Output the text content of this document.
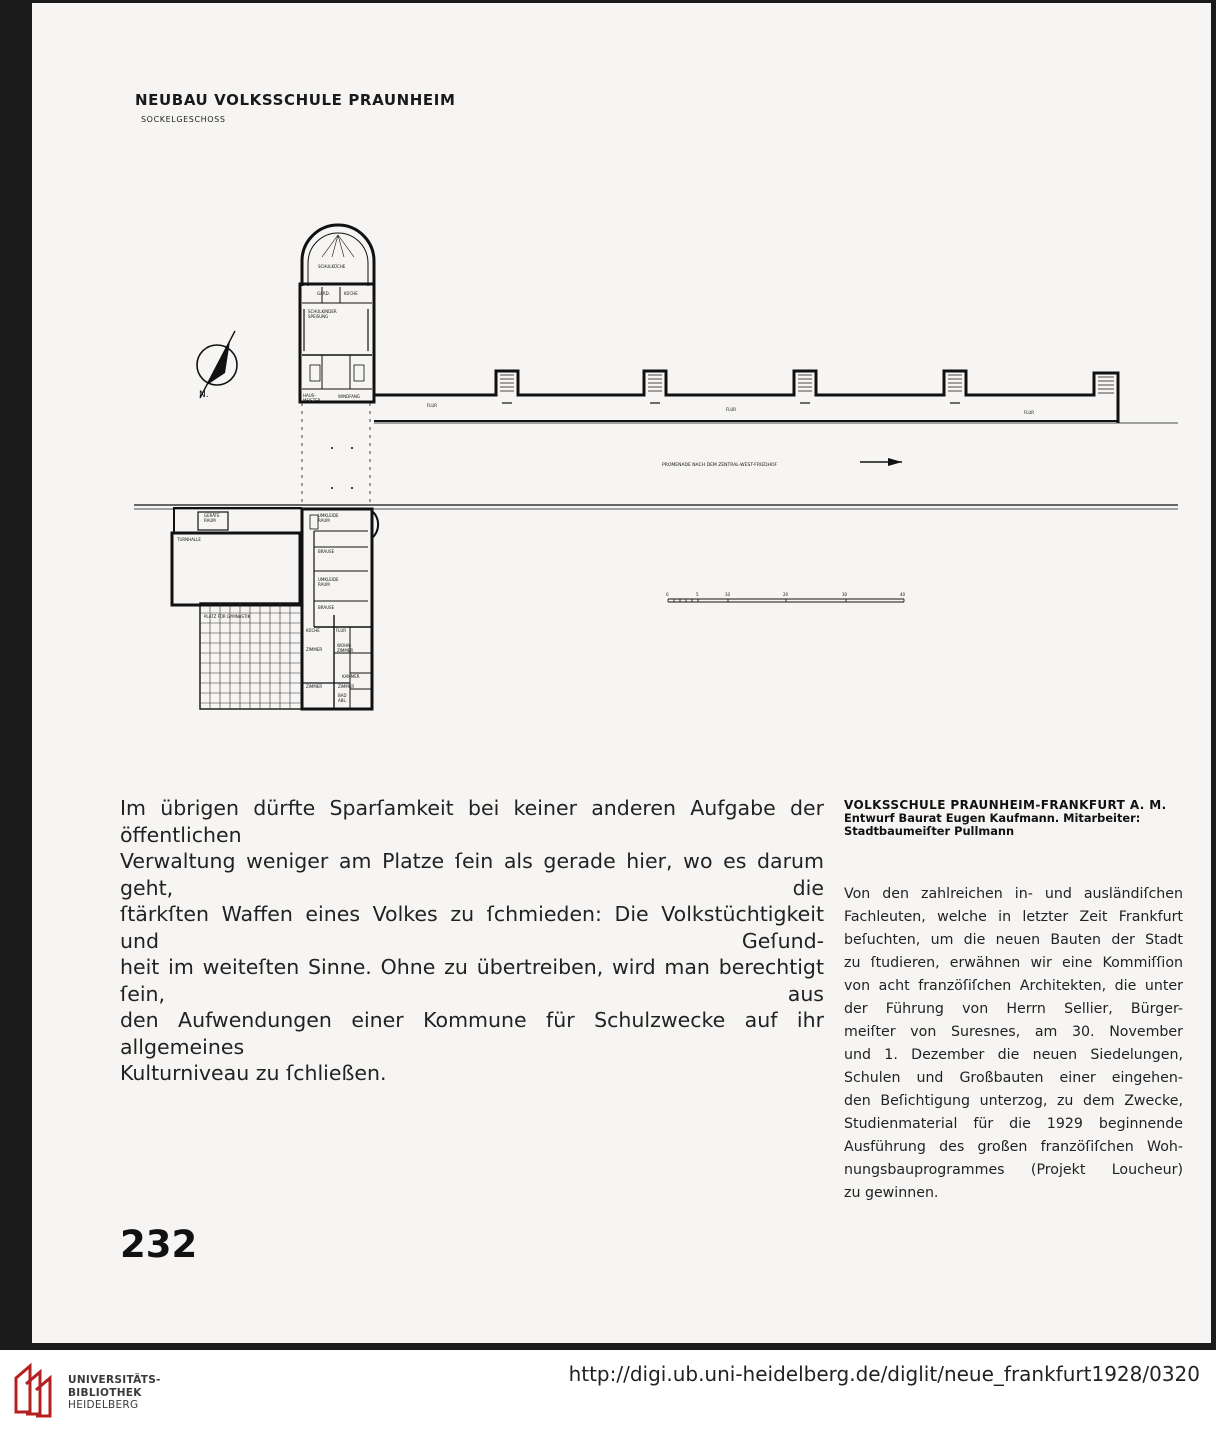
NEUBAU VOLKSSCHULE PRAUNHEIM
SOCKELGESCHOSS
N.
SCHULKÜCHE
GARD.	KÜCHE
SCHULKINDER
SPEISUNG
HAUS-
MEISTER
WINDFANG
FLUR
FLUR
FLUR
PROMENADE NACH DEM ZENTRAL-WEST-FRIEDHOF
GERÄTE
RAUM
TURNHALLE
UMKLEIDE
RAUM
BRAUSE
UMKLEIDE
RAUM
BRAUSE
PLATZ FÜR GYMNASTIK
KÜCHE	FLUR
WOHN-
ZIMMER
ZIMMER
KAMMER
ZIMMER	ZIMMER
BAD
ABL.
0	5	10	20	30	40
Im übrigen dürfte Sparſamkeit bei keiner anderen Aufgabe der öffentlichen
Verwaltung weniger am Platze ſein als gerade hier, wo es darum geht, die
ſtärkſten Waffen eines Volkes zu ſchmieden: Die Volkstüchtigkeit und Geſund-
heit im weiteſten Sinne. Ohne zu übertreiben, wird man berechtigt ſein, aus
den Aufwendungen einer Kommune für Schulzwecke auf ihr allgemeines
Kulturniveau zu ſchließen.
VOLKSSCHULE PRAUNHEIM-FRANKFURT A. M.
Entwurf Baurat Eugen Kaufmann. Mitarbeiter:
Stadtbaumeiſter Pullmann
Von den zahlreichen in- und ausländiſchen
Fachleuten, welche in letzter Zeit Frankfurt
beſuchten, um die neuen Bauten der Stadt
zu ſtudieren, erwähnen wir eine Kommiſſion
von acht franzöſiſchen Architekten, die unter
der Führung von Herrn Sellier, Bürger-
meiſter von Suresnes, am 30. November
und 1. Dezember die neuen Siedelungen,
Schulen und Großbauten einer eingehen-
den Beſichtigung unterzog, zu dem Zwecke,
Studienmaterial für die 1929 beginnende
Ausführung des großen franzöſiſchen Woh-
nungsbauprogrammes (Projekt Loucheur)
zu gewinnen.
232
UNIVERSITÄTS-
BIBLIOTHEK
HEIDELBERG
http://digi.ub.uni-heidelberg.de/diglit/neue_frankfurt1928/0320
